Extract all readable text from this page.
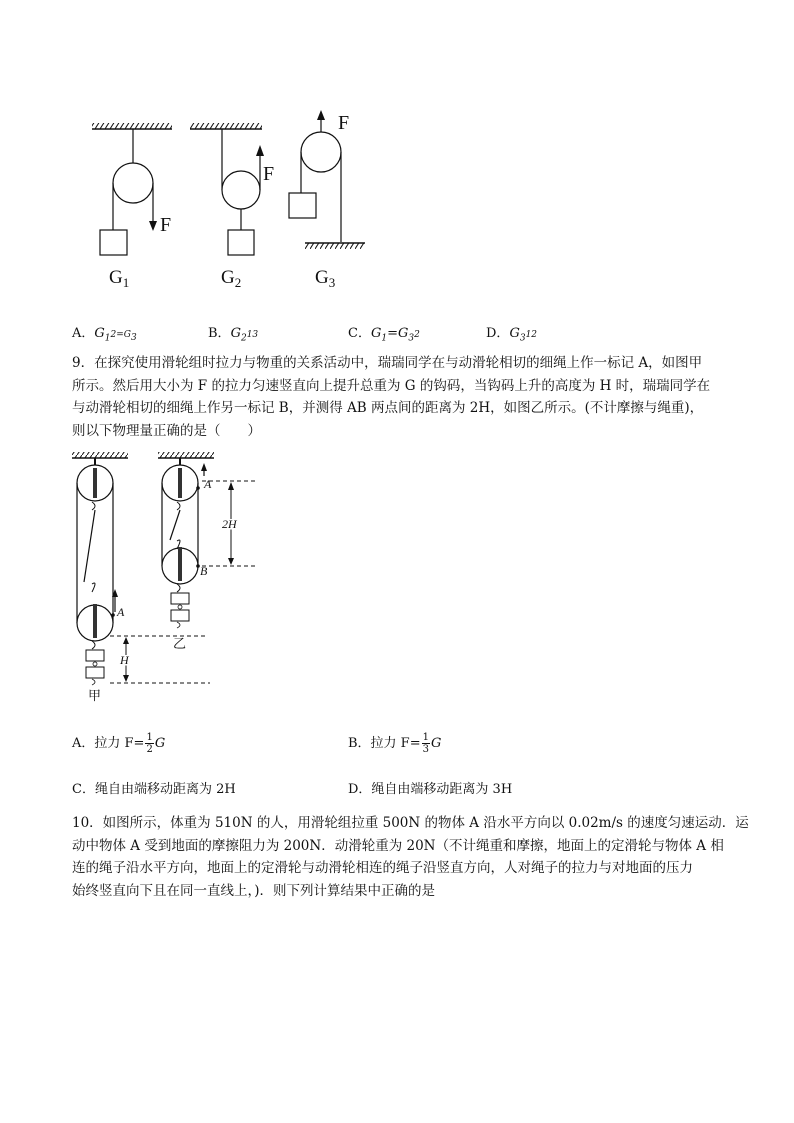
F
$G_1$
F
$G_2$
F
$G_3$
A．$G_12=G_3$	B．$G_213$	C．$G_1=G_32$	D．$G_312$
9．在探究使用滑轮组时拉力与物重的关系活动中，瑞瑞同学在与动滑轮相切的细绳上作一标记 A，如图甲
所示。然后用大小为 F 的拉力匀速竖直向上提升总重为 G 的钩码，当钩码上升的高度为 H 时，瑞瑞同学在
与动滑轮相切的细绳上作另一标记 B，并测得 AB 两点间的距离为 2H，如图乙所示。(不计摩擦与绳重)，
则以下物理量正确的是（　　）
A
甲
H
A
B
乙
2H
A．拉力 $F= \frac{1}{2}$ G	B．拉力 $F= \frac{1}{3}$ G
C．绳自由端移动距离为 2H	D．绳自由端移动距离为 3H
10．如图所示，体重为 510N 的人，用滑轮组拉重 500N 的物体 A 沿水平方向以 0.02m/s 的速度匀速运动．运
动中物体 A 受到地面的摩擦阻力为 200N．动滑轮重为 20N（不计绳重和摩擦，地面上的定滑轮与物体 A 相
连的绳子沿水平方向，地面上的定滑轮与动滑轮相连的绳子沿竖直方向，人对绳子的拉力与对地面的压力
始终竖直向下且在同一直线上，)．则下列计算结果中正确的是
